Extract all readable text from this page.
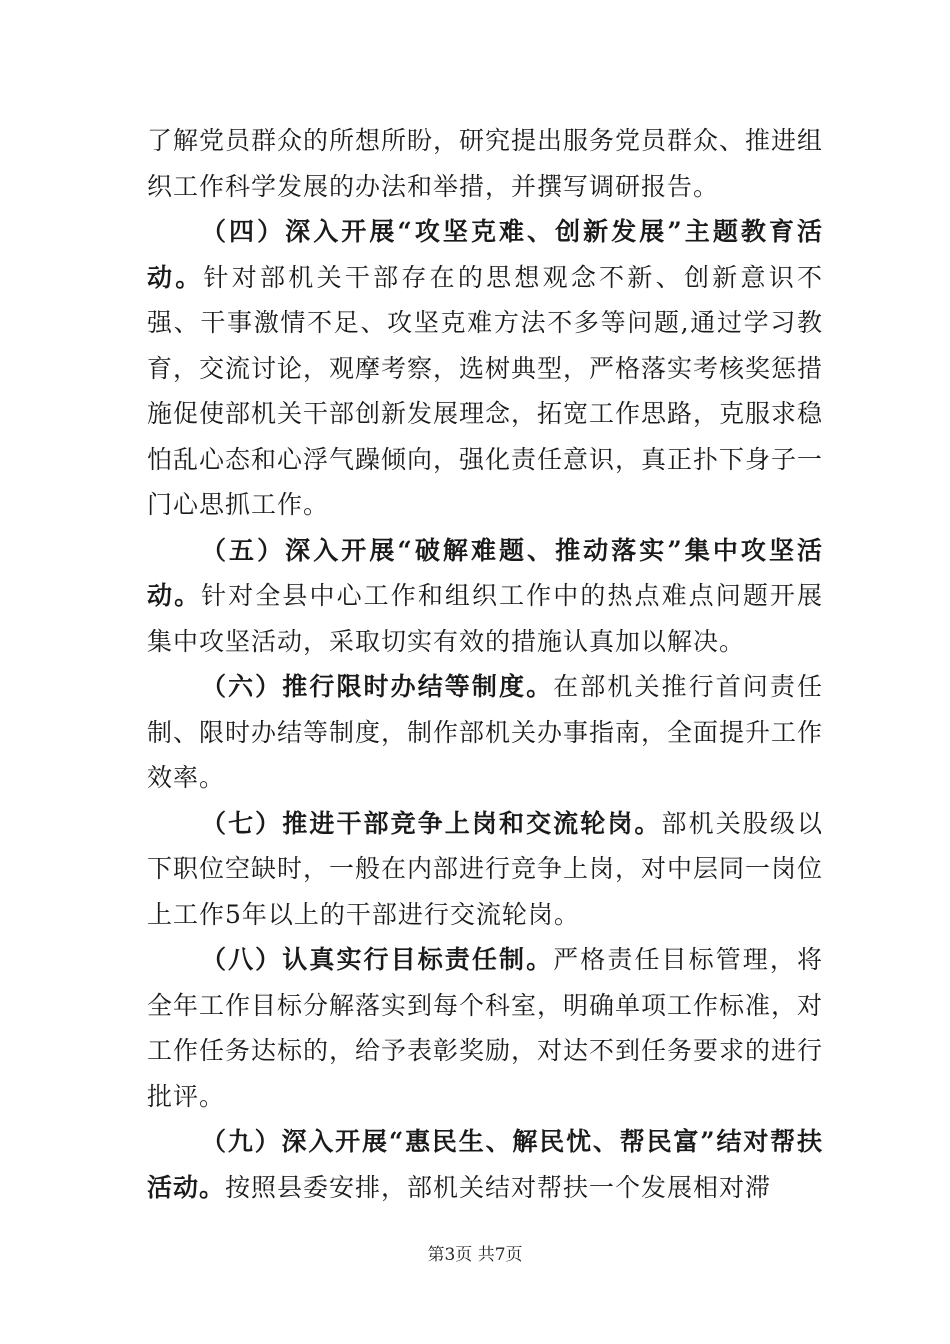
了解党员群众的所想所盼，研究提出服务党员群众、推进组织工作科学发展的办法和举措，并撰写调研报告。

（四）深入开展“攻坚克难、创新发展”主题教育活动。针对部机关干部存在的思想观念不新、创新意识不强、干事激情不足、攻坚克难方法不多等问题,通过学习教育，交流讨论，观摩考察，选树典型，严格落实考核奖惩措施促使部机关干部创新发展理念，拓宽工作思路，克服求稳怕乱心态和心浮气躁倾向，强化责任意识，真正扑下身子一门心思抓工作。

（五）深入开展“破解难题、推动落实”集中攻坚活动。针对全县中心工作和组织工作中的热点难点问题开展集中攻坚活动，采取切实有效的措施认真加以解决。

（六）推行限时办结等制度。在部机关推行首问责任制、限时办结等制度，制作部机关办事指南，全面提升工作效率。

（七）推进干部竞争上岗和交流轮岗。部机关股级以下职位空缺时，一般在内部进行竞争上岗，对中层同一岗位上工作5年以上的干部进行交流轮岗。

（八）认真实行目标责任制。严格责任目标管理，将全年工作目标分解落实到每个科室，明确单项工作标准，对工作任务达标的，给予表彰奖励，对达不到任务要求的进行批评。

（九）深入开展“惠民生、解民忧、帮民富”结对帮扶活动。按照县委安排，部机关结对帮扶一个发展相对滞

第3页 共7页
